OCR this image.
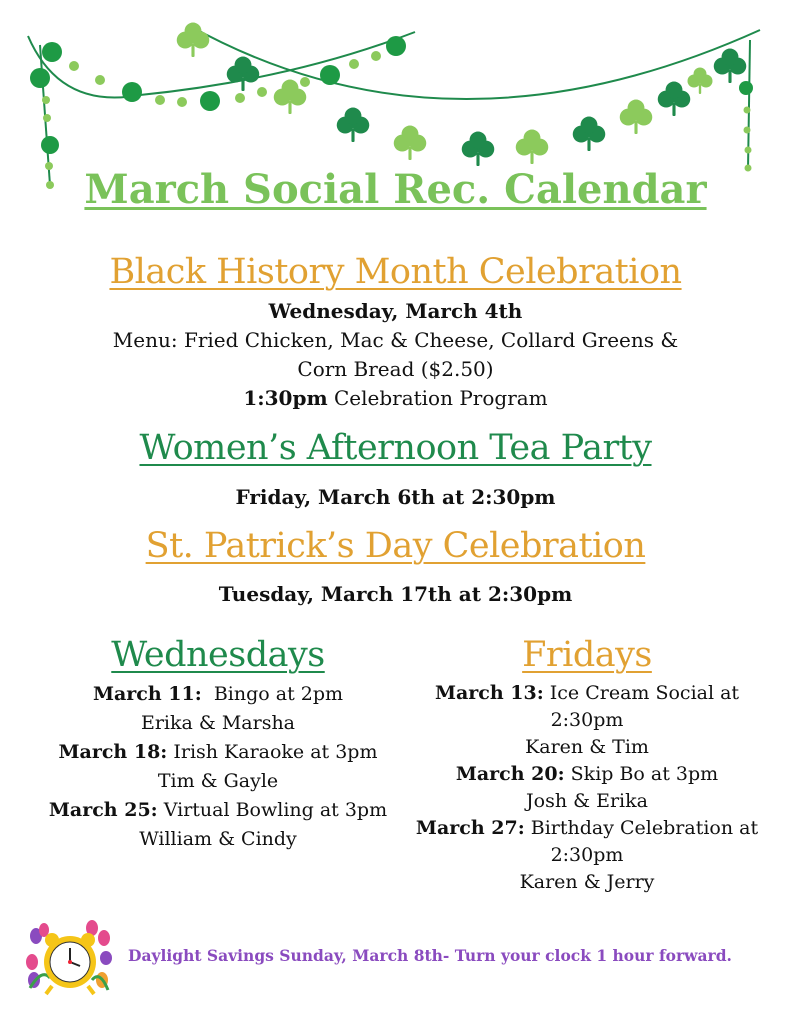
March Social Rec. Calendar
Black History Month Celebration
Wednesday, March 4th
Menu: Fried Chicken, Mac & Cheese, Collard Greens &
Corn Bread ($2.50)
1:30pm Celebration Program
Women’s Afternoon Tea Party
Friday, March 6th at 2:30pm
St. Patrick’s Day Celebration
Tuesday, March 17th at 2:30pm
Wednesdays
March 11:  Bingo at 2pm
Erika & Marsha
March 18: Irish Karaoke at 3pm
Tim & Gayle
March 25: Virtual Bowling at 3pm
William & Cindy
Fridays
March 13: Ice Cream Social at
2:30pm
Karen & Tim
March 20: Skip Bo at 3pm
Josh & Erika
March 27: Birthday Celebration at
2:30pm
Karen & Jerry
Daylight Savings Sunday, March 8th- Turn your clock 1 hour forward.
